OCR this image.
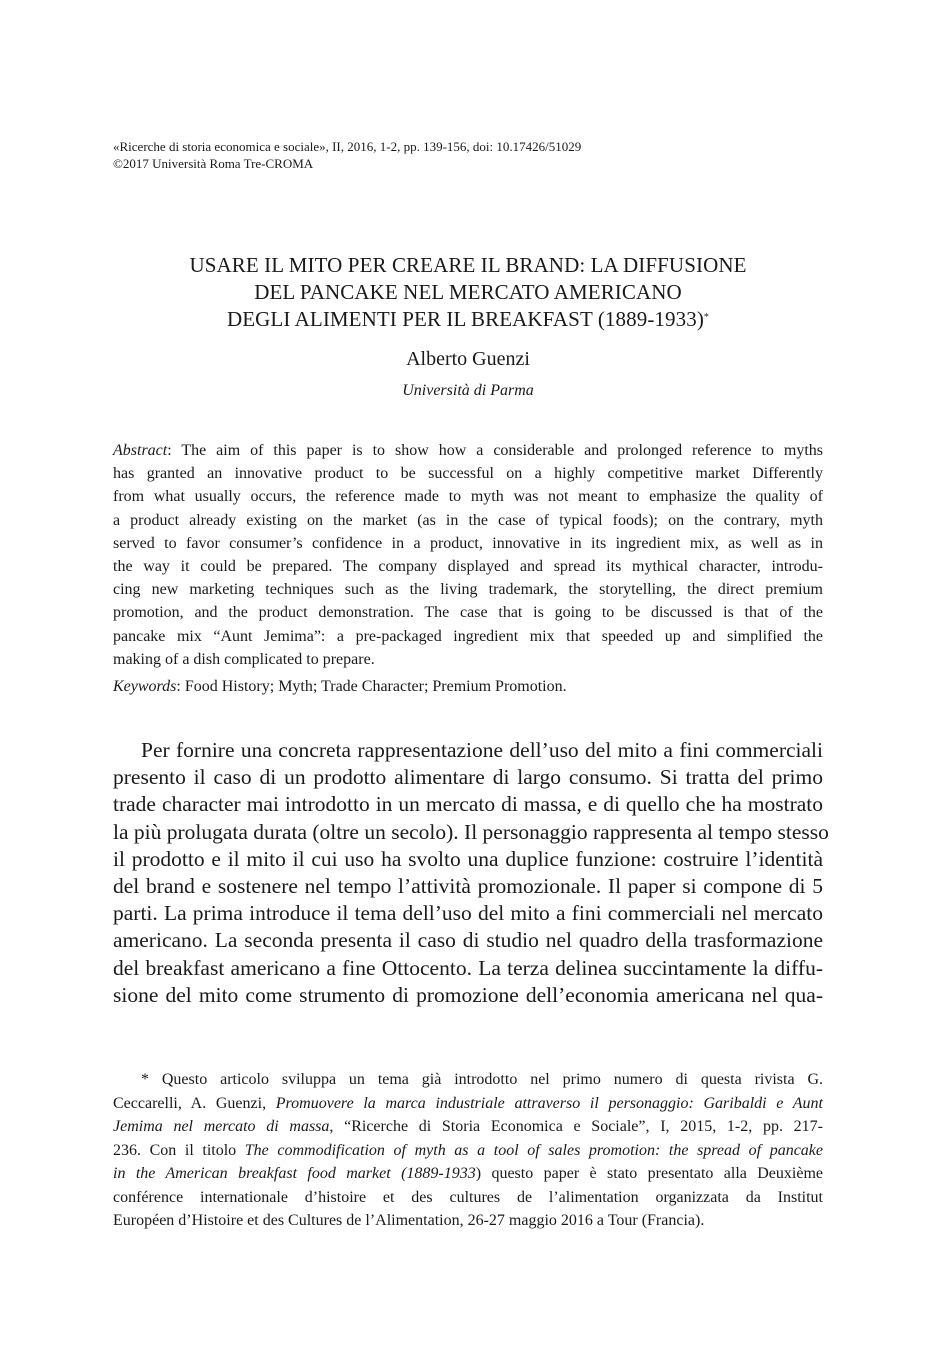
«Ricerche di storia economica e sociale», II, 2016, 1-2, pp. 139-156, doi: 10.17426/51029
©2017 Università Roma Tre-CROMA
USARE IL MITO PER CREARE IL BRAND: LA DIFFUSIONE
DEL PANCAKE NEL MERCATO AMERICANO
DEGLI ALIMENTI PER IL BREAKFAST (1889-1933)*
Alberto Guenzi
Università di Parma
Abstract: The aim of this paper is to show how a considerable and prolonged reference to myths
has granted an innovative product to be successful on a highly competitive market Differently
from what usually occurs, the reference made to myth was not meant to emphasize the quality of
a product already existing on the market (as in the case of typical foods); on the contrary, myth
served to favor consumer’s confidence in a product, innovative in its ingredient mix, as well as in
the way it could be prepared. The company displayed and spread its mythical character, introdu-
cing new marketing techniques such as the living trademark, the storytelling, the direct premium
promotion, and the product demonstration. The case that is going to be discussed is that of the
pancake mix “Aunt Jemima”: a pre-packaged ingredient mix that speeded up and simplified the
making of a dish complicated to prepare.
Keywords: Food History; Myth; Trade Character; Premium Promotion.
Per fornire una concreta rappresentazione dell’uso del mito a fini commerciali
presento il caso di un prodotto alimentare di largo consumo. Si tratta del primo
trade character mai introdotto in un mercato di massa, e di quello che ha mostrato
la più prolugata durata (oltre un secolo). Il personaggio rappresenta al tempo stesso
il prodotto e il mito il cui uso ha svolto una duplice funzione: costruire l’identità
del brand e sostenere nel tempo l’attività promozionale. Il paper si compone di 5
parti. La prima introduce il tema dell’uso del mito a fini commerciali nel mercato
americano. La seconda presenta il caso di studio nel quadro della trasformazione
del breakfast americano a fine Ottocento. La terza delinea succintamente la diffu-
sione del mito come strumento di promozione dell’economia americana nel qua-
* Questo articolo sviluppa un tema già introdotto nel primo numero di questa rivista G.
Ceccarelli, A. Guenzi, Promuovere la marca industriale attraverso il personaggio: Garibaldi e Aunt
Jemima nel mercato di massa, “Ricerche di Storia Economica e Sociale”, I, 2015, 1-2, pp. 217-
236. Con il titolo The commodification of myth as a tool of sales promotion: the spread of pancake
in the American breakfast food market (1889-1933) questo paper è stato presentato alla Deuxième
conférence internationale d’histoire et des cultures de l’alimentation organizzata da Institut
Européen d’Histoire et des Cultures de l’Alimentation, 26-27 maggio 2016 a Tour (Francia).
